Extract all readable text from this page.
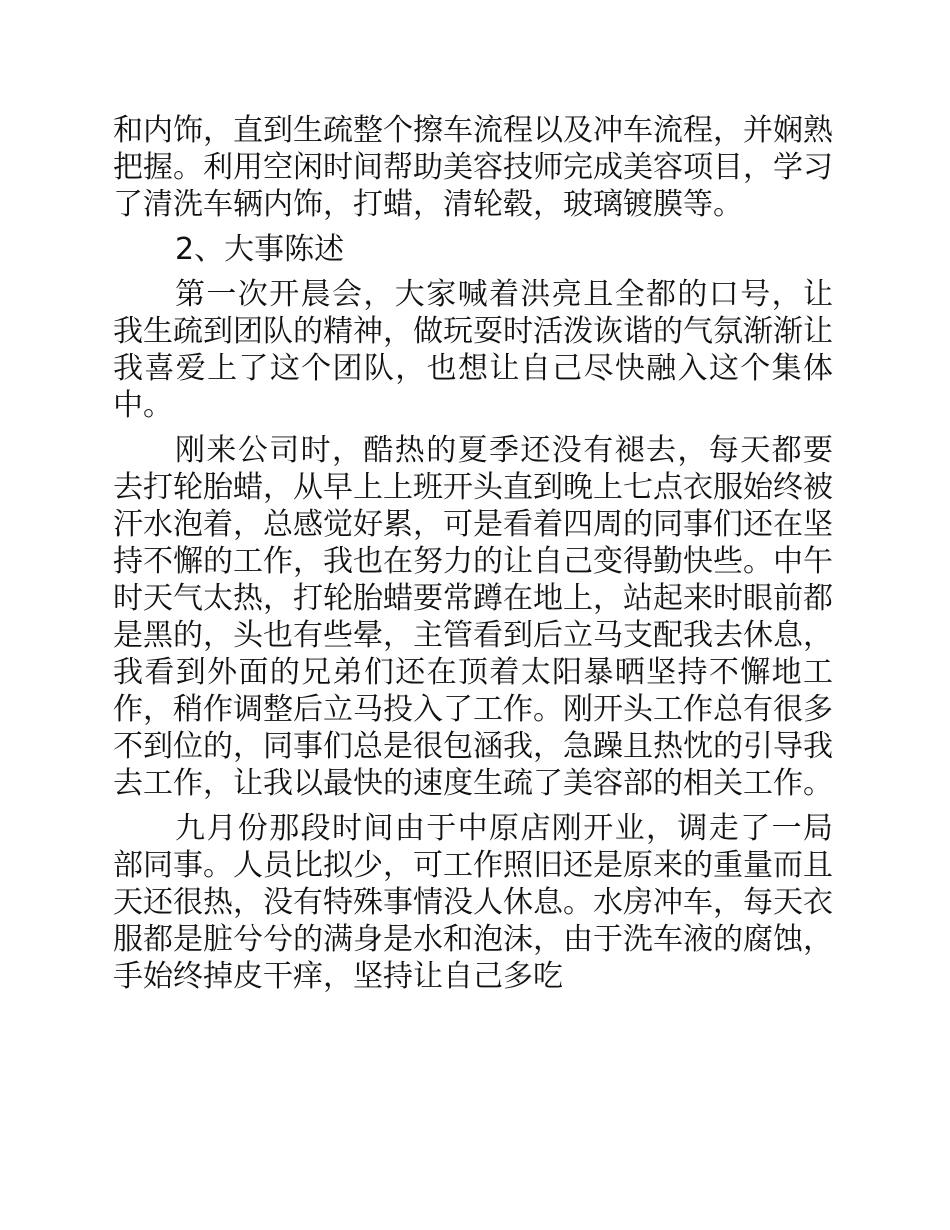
和内饰，直到生疏整个擦车流程以及冲车流程，并娴熟把握。利用空闲时间帮助美容技师完成美容项目，学习了清洗车辆内饰，打蜡，清轮毂，玻璃镀膜等。

2、大事陈述

第一次开晨会，大家喊着洪亮且全都的口号，让我生疏到团队的精神，做玩耍时活泼诙谐的气氛渐渐让我喜爱上了这个团队，也想让自己尽快融入这个集体中。

刚来公司时，酷热的夏季还没有褪去，每天都要去打轮胎蜡，从早上上班开头直到晚上七点衣服始终被汗水泡着，总感觉好累，可是看着四周的同事们还在坚持不懈的工作，我也在努力的让自己变得勤快些。中午时天气太热，打轮胎蜡要常蹲在地上，站起来时眼前都是黑的，头也有些晕，主管看到后立马支配我去休息，我看到外面的兄弟们还在顶着太阳暴晒坚持不懈地工作，稍作调整后立马投入了工作。刚开头工作总有很多不到位的，同事们总是很包涵我，急躁且热忱的引导我去工作，让我以最快的速度生疏了美容部的相关工作。

九月份那段时间由于中原店刚开业，调走了一局部同事。人员比拟少，可工作照旧还是原来的重量而且天还很热，没有特殊事情没人休息。水房冲车，每天衣服都是脏兮兮的满身是水和泡沫，由于洗车液的腐蚀，手始终掉皮干痒，坚持让自己多吃
